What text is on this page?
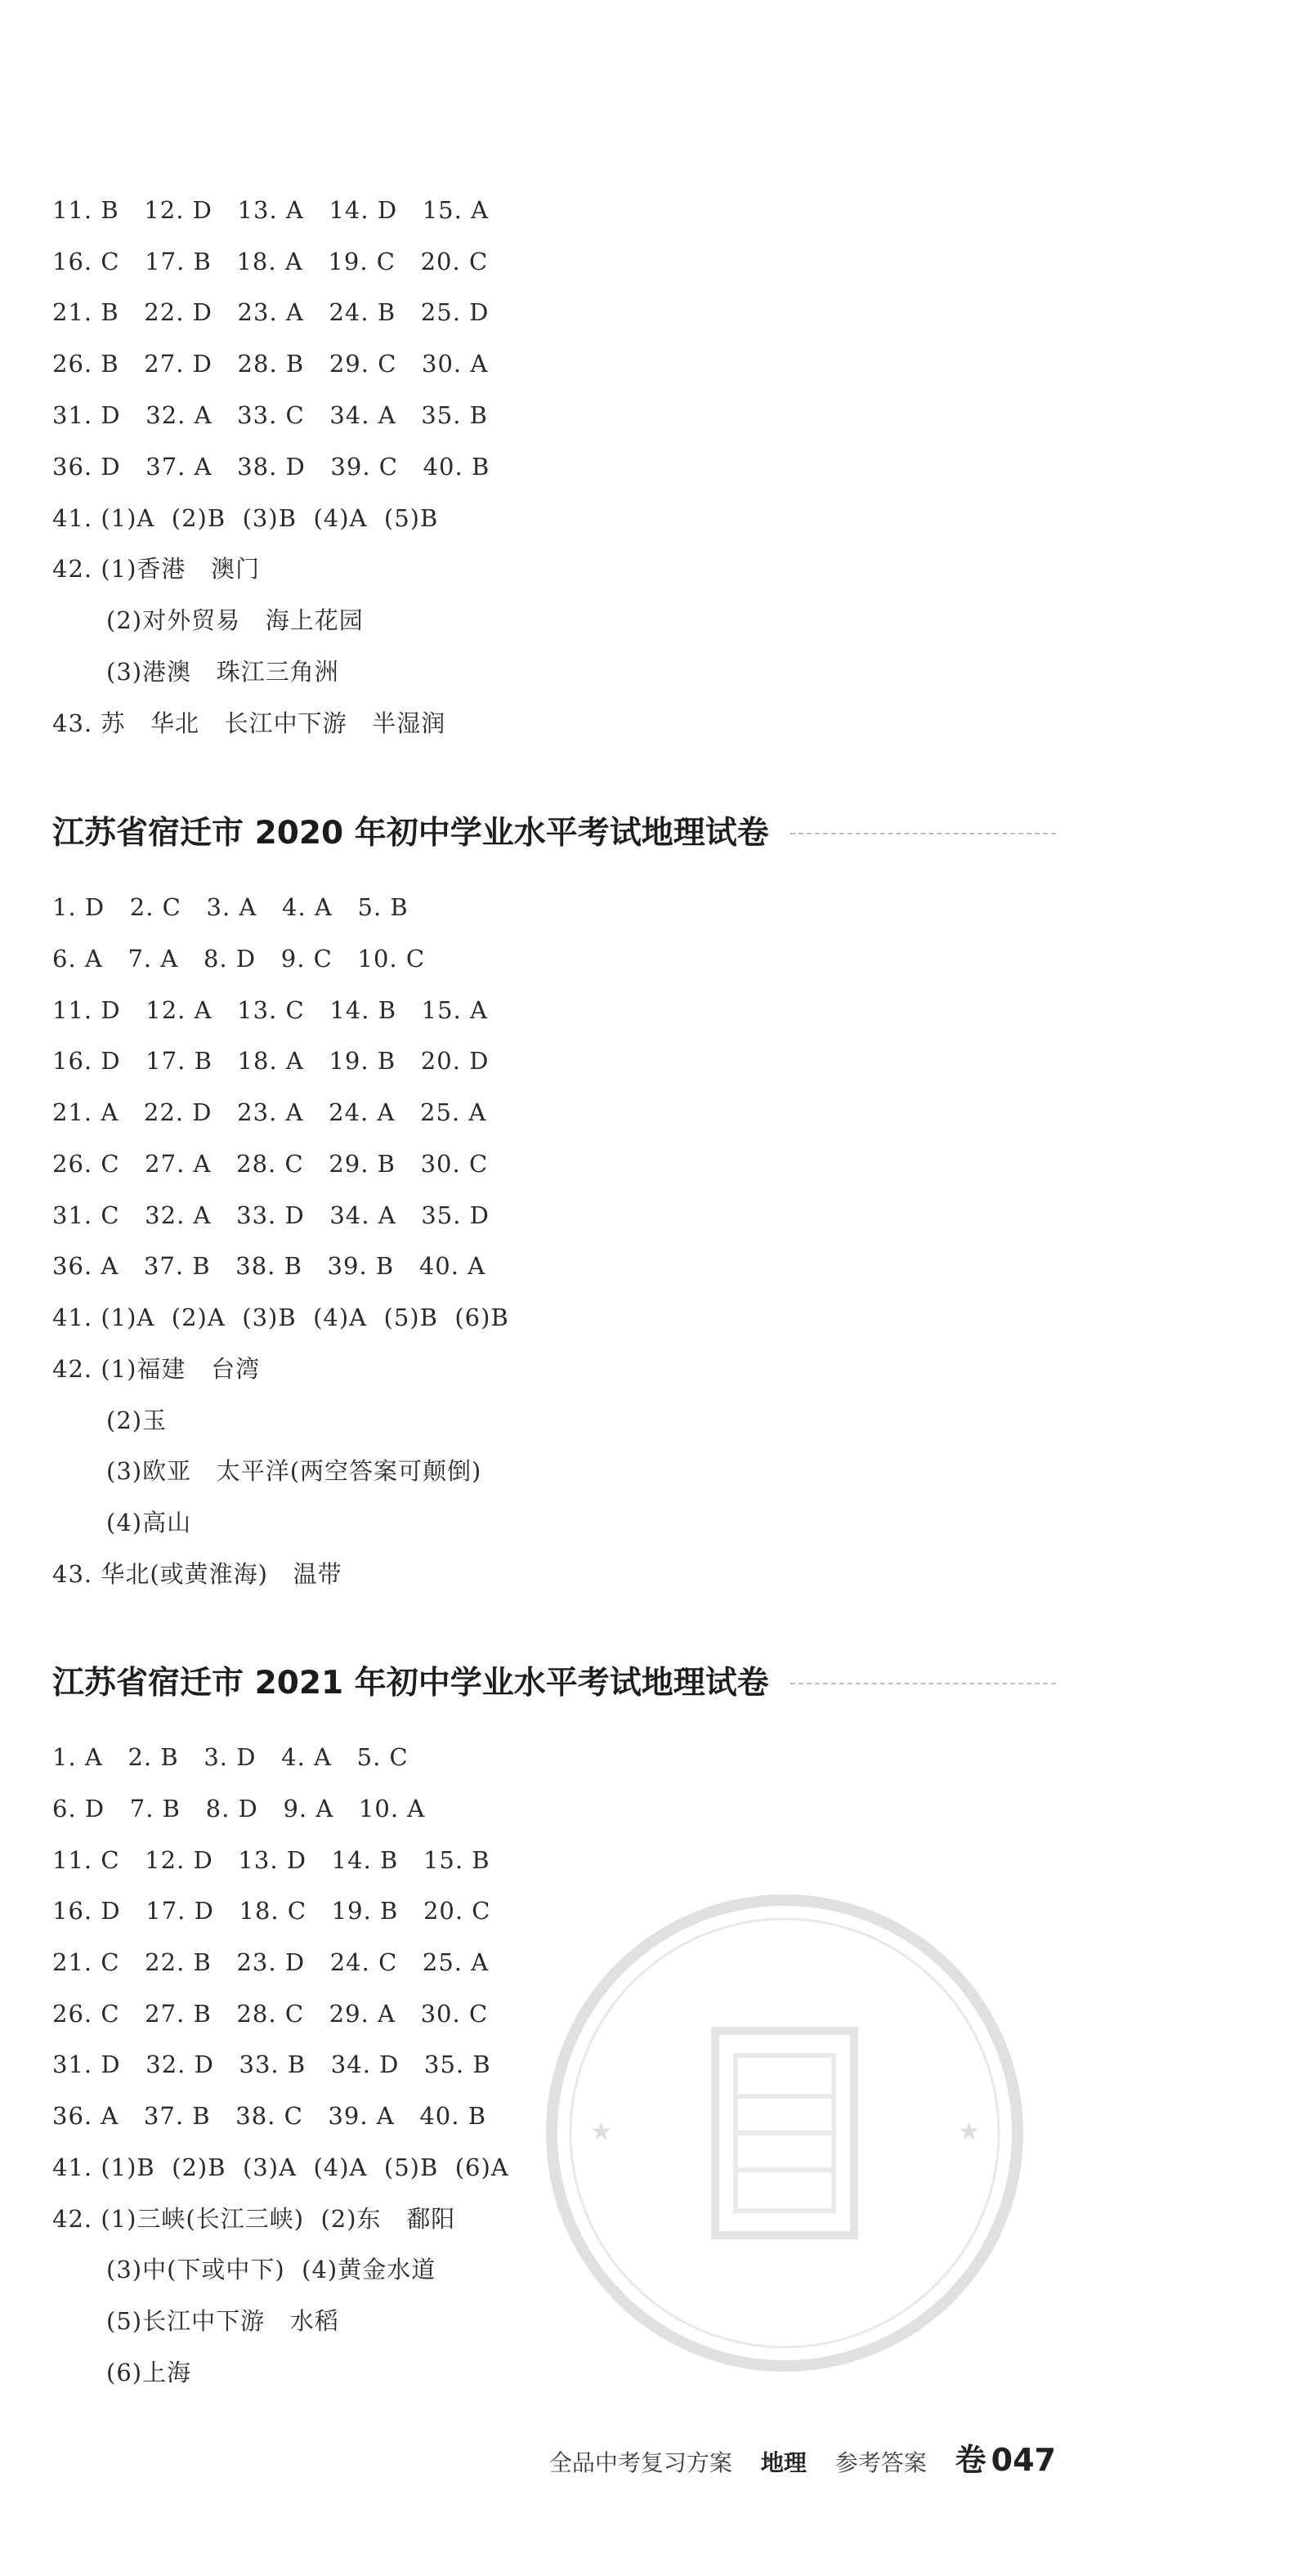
11. B   12. D   13. A   14. D   15. A

16. C   17. B   18. A   19. C   20. C

21. B   22. D   23. A   24. B   25. D

26. B   27. D   28. B   29. C   30. A

31. D   32. A   33. C   34. A   35. B

36. D   37. A   38. D   39. C   40. B

41. (1)A  (2)B  (3)B  (4)A  (5)B

42. (1)香港   澳门

(2)对外贸易   海上花园

(3)港澳   珠江三角洲

43. 苏   华北   长江中下游   半湿润

江苏省宿迁市 2020 年初中学业水平考试地理试卷

1. D   2. C   3. A   4. A   5. B

6. A   7. A   8. D   9. C   10. C

11. D   12. A   13. C   14. B   15. A

16. D   17. B   18. A   19. B   20. D

21. A   22. D   23. A   24. A   25. A

26. C   27. A   28. C   29. B   30. C

31. C   32. A   33. D   34. A   35. D

36. A   37. B   38. B   39. B   40. A

41. (1)A  (2)A  (3)B  (4)A  (5)B  (6)B

42. (1)福建   台湾

(2)玉

(3)欧亚   太平洋(两空答案可颠倒)

(4)高山

43. 华北(或黄淮海)   温带

江苏省宿迁市 2021 年初中学业水平考试地理试卷

1. A   2. B   3. D   4. A   5. C

6. D   7. B   8. D   9. A   10. A

11. C   12. D   13. D   14. B   15. B

16. D   17. D   18. C   19. B   20. C

21. C   22. B   23. D   24. C   25. A

26. C   27. B   28. C   29. A   30. C

31. D   32. D   33. B   34. D   35. B

36. A   37. B   38. C   39. A   40. B

41. (1)B  (2)B  (3)A  (4)A  (5)B  (6)A

42. (1)三峡(长江三峡)  (2)东   鄱阳

(3)中(下或中下)  (4)黄金水道

(5)长江中下游   水稻

(6)上海

★	★
全品中考复习方案 地理 参考答案 卷 047
